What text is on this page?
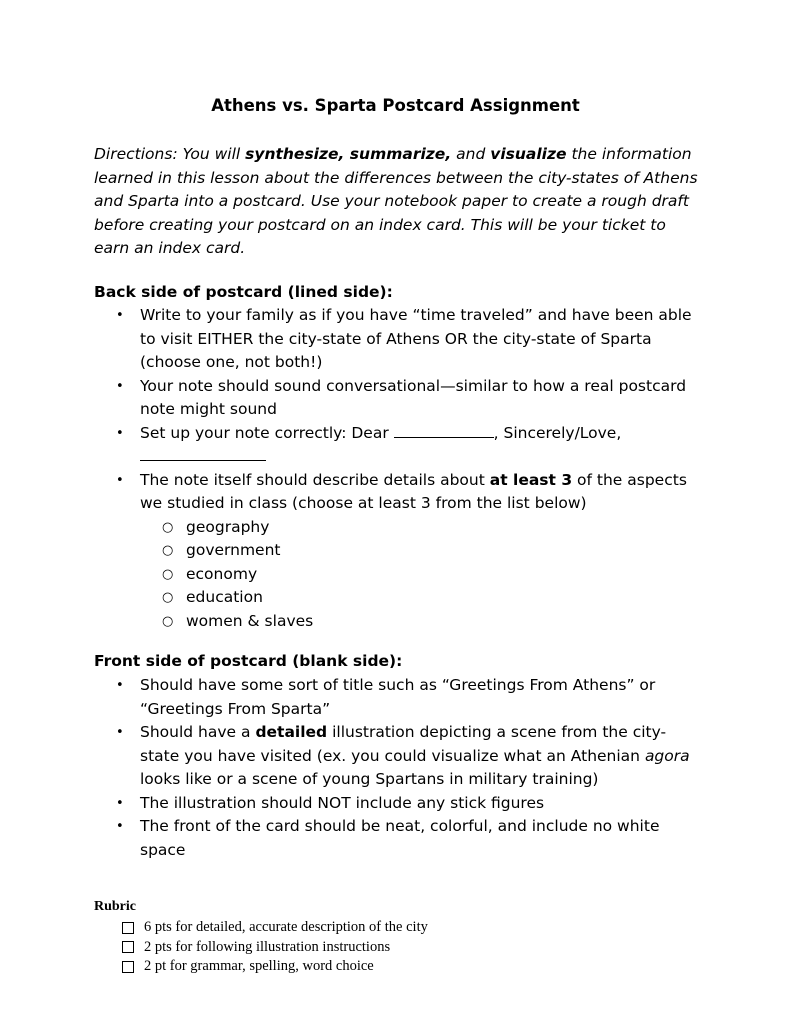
Athens vs. Sparta Postcard Assignment
Directions: You will synthesize, summarize, and visualize the information learned in this lesson about the differences between the city-states of Athens and Sparta into a postcard. Use your notebook paper to create a rough draft before creating your postcard on an index card. This will be your ticket to earn an index card.
Back side of postcard (lined side):
• Write to your family as if you have “time traveled” and have been able to visit EITHER the city-state of Athens OR the city-state of Sparta (choose one, not both!)
• Your note should sound conversational—similar to how a real postcard note might sound
• Set up your note correctly: Dear	, Sincerely/Love,

• The note itself should describe details about at least 3 of the aspects we studied in class (choose at least 3 from the list below)
○ geography
○ government
○ economy
○ education
○ women & slaves
Front side of postcard (blank side):
• Should have some sort of title such as “Greetings From Athens” or “Greetings From Sparta”
• Should have a detailed illustration depicting a scene from the city-state you have visited (ex. you could visualize what an Athenian agora looks like or a scene of young Spartans in military training)
• The illustration should NOT include any stick figures
• The front of the card should be neat, colorful, and include no white space
Rubric
6 pts for detailed, accurate description of the city
2 pts for following illustration instructions
2 pt for grammar, spelling, word choice
